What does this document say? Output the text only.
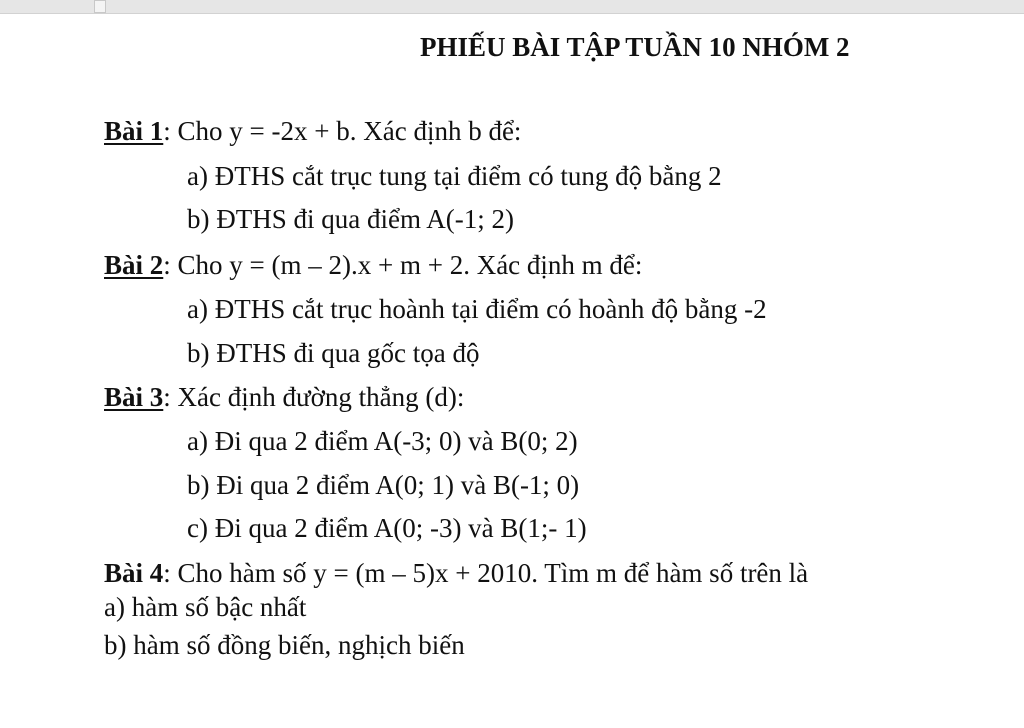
PHIẾU BÀI TẬP TUẦN 10 NHÓM 2
Bài 1: Cho y = -2x + b. Xác định b để:
a) ĐTHS cắt trục tung tại điểm có tung độ bằng 2
b) ĐTHS đi qua điểm A(-1; 2)
Bài 2: Cho y = (m – 2).x + m + 2. Xác định m để:
a) ĐTHS cắt trục hoành tại điểm có hoành độ bằng -2
b) ĐTHS đi qua gốc tọa độ
Bài 3: Xác định đường thẳng (d):
a) Đi qua 2 điểm A(-3; 0) và B(0; 2)
b) Đi qua 2 điểm A(0; 1) và B(-1; 0)
c) Đi qua 2 điểm A(0; -3) và B(1;- 1)
Bài 4: Cho hàm số y = (m – 5)x + 2010. Tìm m để hàm số trên là
a) hàm số bậc nhất
b) hàm số đồng biến, nghịch biến
